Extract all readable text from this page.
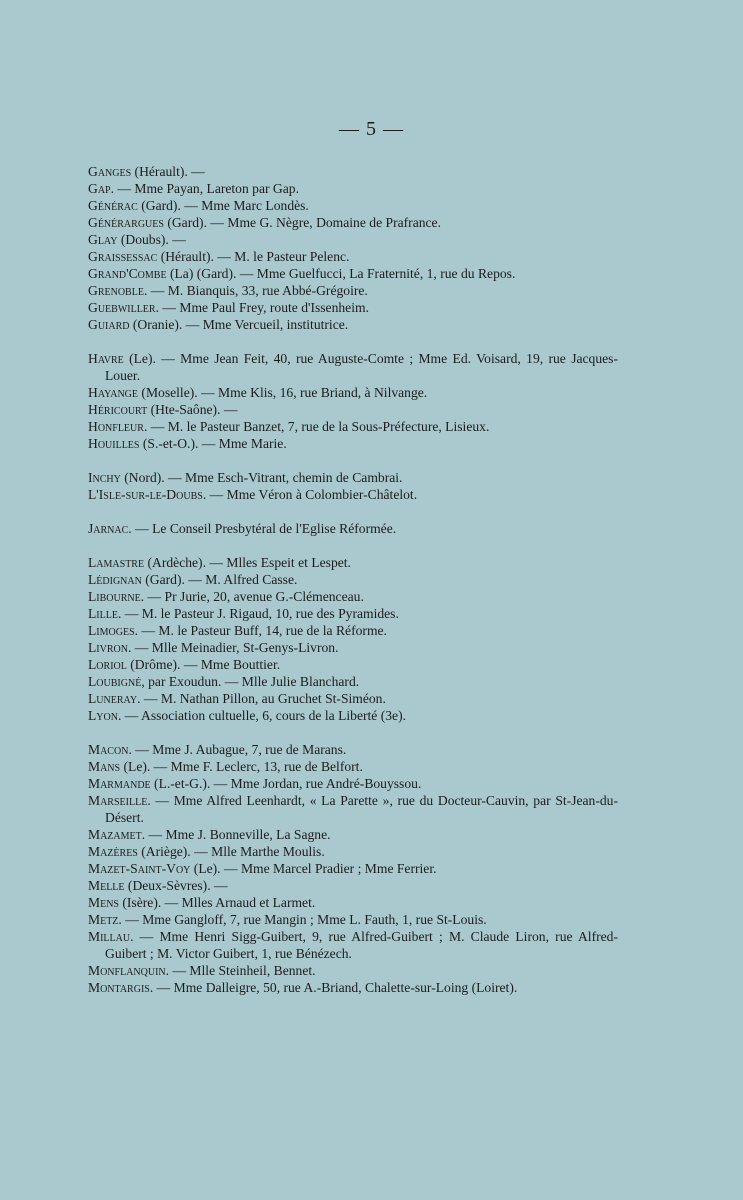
— 5 —
Ganges (Hérault). —
Gap. — Mme Payan, Lareton par Gap.
Générac (Gard). — Mme Marc Londès.
Générargues (Gard). — Mme G. Nègre, Domaine de Prafrance.
Glay (Doubs). —
Graissessac (Hérault). — M. le Pasteur Pelenc.
Grand'Combe (La) (Gard). — Mme Guelfucci, La Fraternité, 1, rue du Repos.
Grenoble. — M. Bianquis, 33, rue Abbé-Grégoire.
Guebwiller. — Mme Paul Frey, route d'Issenheim.
Guiard (Oranie). — Mme Vercueil, institutrice.
Havre (Le). — Mme Jean Feit, 40, rue Auguste-Comte ; Mme Ed. Voisard, 19, rue Jacques-Louer.
Hayange (Moselle). — Mme Klis, 16, rue Briand, à Nilvange.
Héricourt (Hte-Saône). —
Honfleur. — M. le Pasteur Banzet, 7, rue de la Sous-Préfecture, Lisieux.
Houilles (S.-et-O.). — Mme Marie.
Inchy (Nord). — Mme Esch-Vitrant, chemin de Cambrai.
L'Isle-sur-le-Doubs. — Mme Véron à Colombier-Châtelot.
Jarnac. — Le Conseil Presbytéral de l'Eglise Réformée.
Lamastre (Ardèche). — Mlles Espeit et Lespet.
Lédignan (Gard). — M. Alfred Casse.
Libourne. — Pr Jurie, 20, avenue G.-Clémenceau.
Lille. — M. le Pasteur J. Rigaud, 10, rue des Pyramides.
Limoges. — M. le Pasteur Buff, 14, rue de la Réforme.
Livron. — Mlle Meinadier, St-Genys-Livron.
Loriol (Drôme). — Mme Bouttier.
Loubigné, par Exoudun. — Mlle Julie Blanchard.
Luneray. — M. Nathan Pillon, au Gruchet St-Siméon.
Lyon. — Association cultuelle, 6, cours de la Liberté (3e).
Macon. — Mme J. Aubague, 7, rue de Marans.
Mans (Le). — Mme F. Leclerc, 13, rue de Belfort.
Marmande (L.-et-G.). — Mme Jordan, rue André-Bouyssou.
Marseille. — Mme Alfred Leenhardt, « La Parette », rue du Docteur-Cauvin, par St-Jean-du-Désert.
Mazamet. — Mme J. Bonneville, La Sagne.
Mazères (Ariège). — Mlle Marthe Moulis.
Mazet-Saint-Voy (Le). — Mme Marcel Pradier ; Mme Ferrier.
Melle (Deux-Sèvres). —
Mens (Isère). — Mlles Arnaud et Larmet.
Metz. — Mme Gangloff, 7, rue Mangin ; Mme L. Fauth, 1, rue St-Louis.
Millau. — Mme Henri Sigg-Guibert, 9, rue Alfred-Guibert ; M. Claude Liron, rue Alfred-Guibert ; M. Victor Guibert, 1, rue Bénézech.
Monflanquin. — Mlle Steinheil, Bennet.
Montargis. — Mme Dalleigre, 50, rue A.-Briand, Chalette-sur-Loing (Loiret).
